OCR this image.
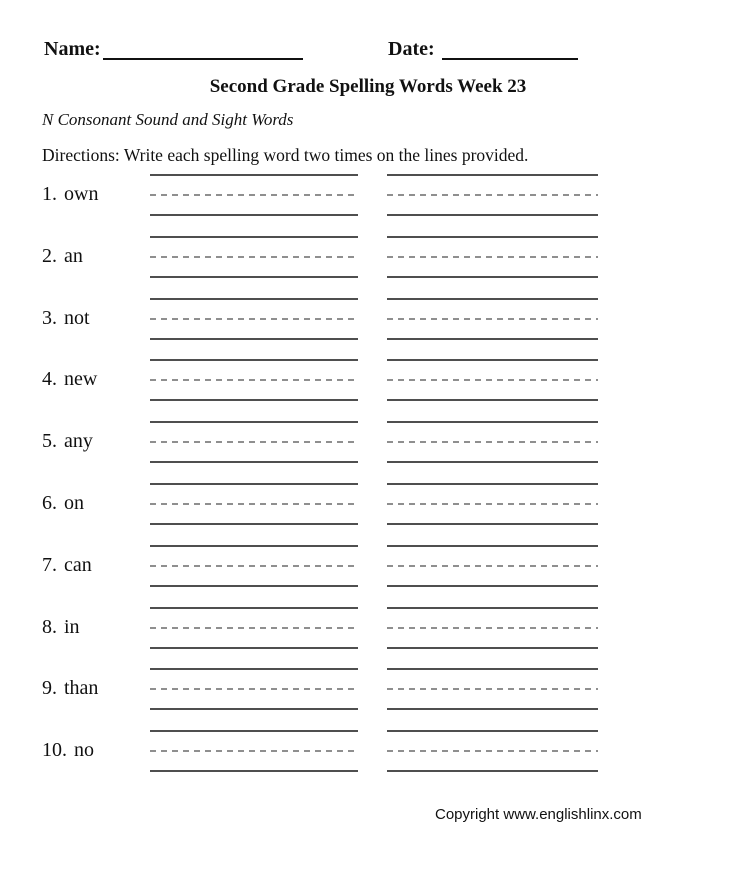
Name:	Date:
Second Grade Spelling Words Week 23
N Consonant Sound and Sight Words
Directions: Write each spelling word two times on the lines provided.
1. own
2. an
3. not
4. new
5. any
6. on
7. can
8. in
9. than
10. no
Copyright www.englishlinx.com
